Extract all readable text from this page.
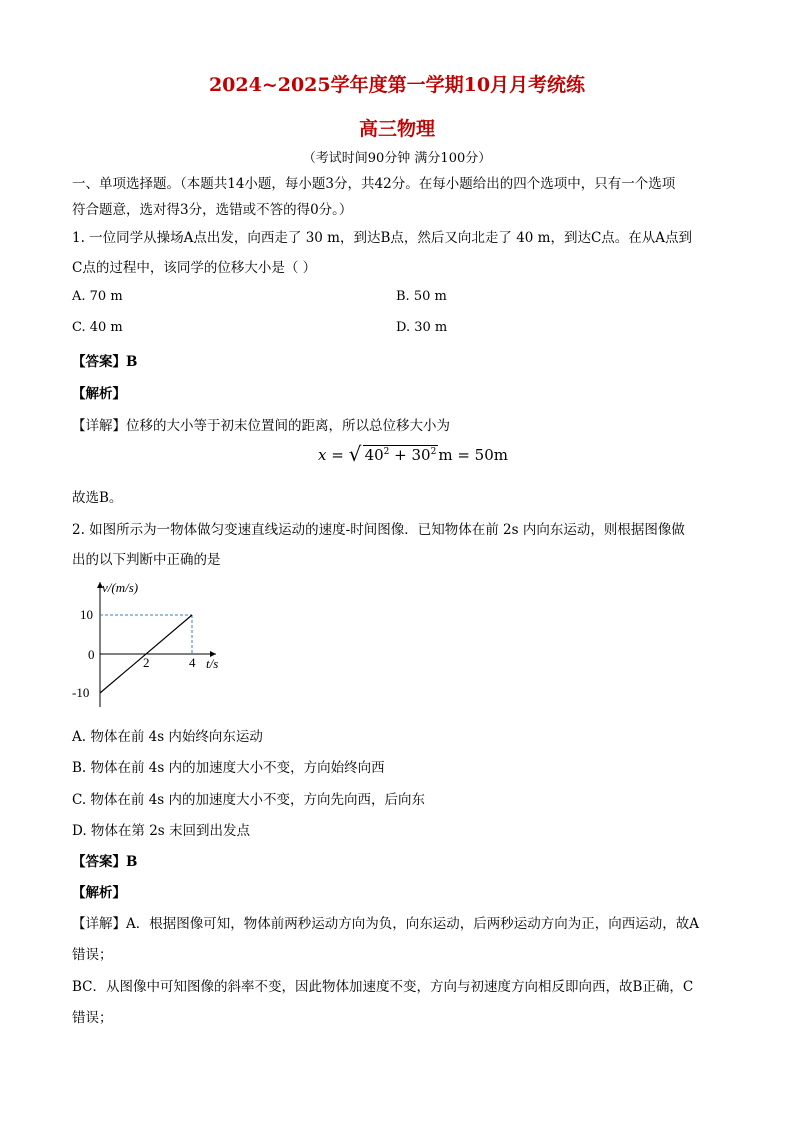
2024~2025学年度第一学期10月月考统练
高三物理
（考试时间90分钟 满分100分）
一、单项选择题。（本题共14小题，每小题3分，共42分。在每小题给出的四个选项中，只有一个选项
符合题意，选对得3分，选错或不答的得0分。）
1. 一位同学从操场A点出发，向西走了 30 m，到达B点，然后又向北走了 40 m，到达C点。在从A点到
C点的过程中，该同学的位移大小是（ ）
A. 70 m	B. 50 m
C. 40 m	D. 30 m
【答案】B
【解析】
【详解】位移的大小等于初末位置间的距离，所以总位移大小为
x = √ $40^2 + 30^2$ m = 50m
故选B。
2. 如图所示为一物体做匀变速直线运动的速度-时间图像．已知物体在前 2s 内向东运动，则根据图像做
出的以下判断中正确的是
v/(m/s)
t/s
10
0
-10
2	4
A. 物体在前 4s 内始终向东运动
B. 物体在前 4s 内的加速度大小不变，方向始终向西
C. 物体在前 4s 内的加速度大小不变，方向先向西，后向东
D. 物体在第 2s 末回到出发点
【答案】B
【解析】
【详解】A．根据图像可知，物体前两秒运动方向为负，向东运动，后两秒运动方向为正，向西运动，故A
错误；
BC．从图像中可知图像的斜率不变，因此物体加速度不变，方向与初速度方向相反即向西，故B正确，C
错误；
